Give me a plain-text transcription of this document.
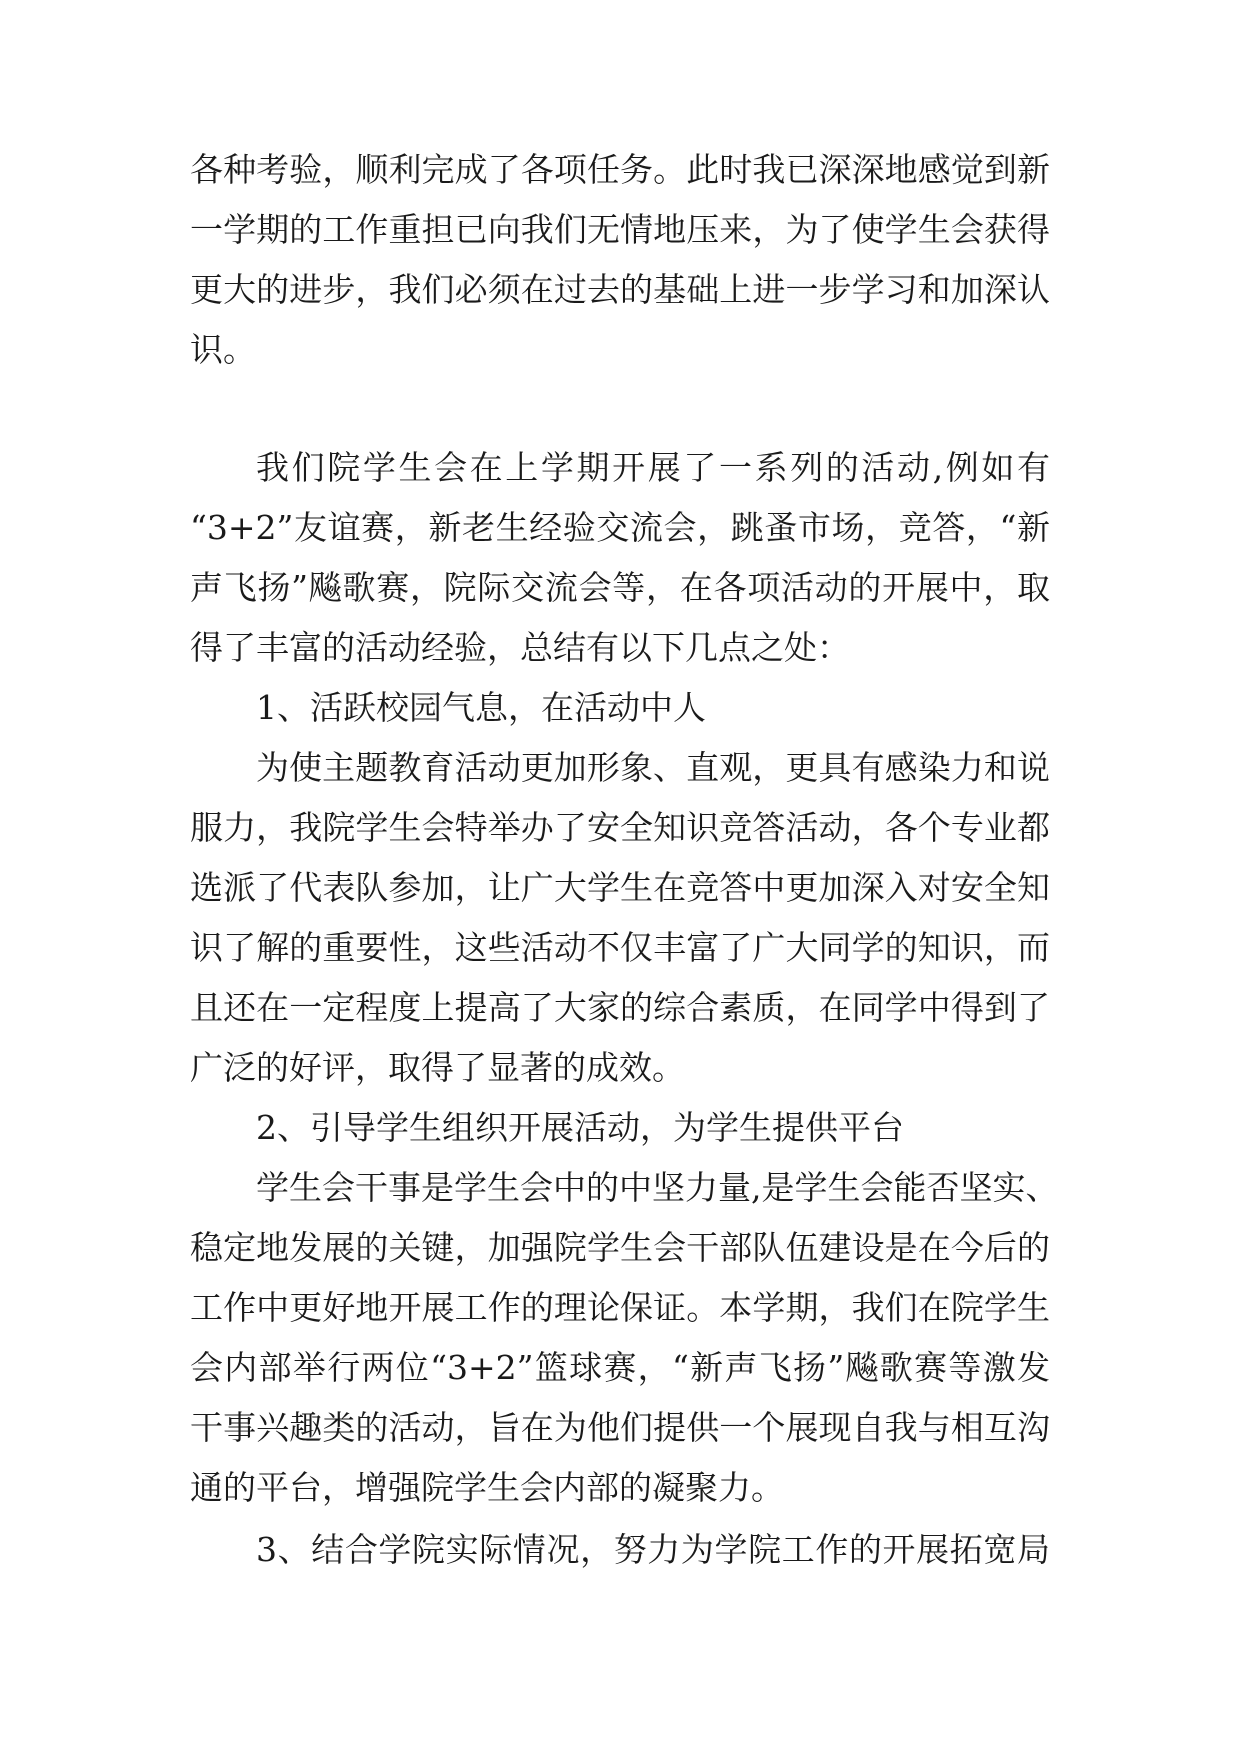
各种考验，顺利完成了各项任务。此时我已深深地感觉到新
一学期的工作重担已向我们无情地压来，为了使学生会获得
更大的进步，我们必须在过去的基础上进一步学习和加深认
识。
我们院学生会在上学期开展了一系列的活动,例如有
“3+2”友谊赛，新老生经验交流会，跳蚤市场，竞答，“新
声飞扬”飚歌赛，院际交流会等，在各项活动的开展中，取
得了丰富的活动经验，总结有以下几点之处：
1、活跃校园气息，在活动中人
为使主题教育活动更加形象、直观，更具有感染力和说
服力，我院学生会特举办了安全知识竞答活动，各个专业都
选派了代表队参加，让广大学生在竞答中更加深入对安全知
识了解的重要性，这些活动不仅丰富了广大同学的知识，而
且还在一定程度上提高了大家的综合素质，在同学中得到了
广泛的好评，取得了显著的成效。
2、引导学生组织开展活动，为学生提供平台
学生会干事是学生会中的中坚力量,是学生会能否坚实、
稳定地发展的关键，加强院学生会干部队伍建设是在今后的
工作中更好地开展工作的理论保证。本学期，我们在院学生
会内部举行两位“3+2”篮球赛，“新声飞扬”飚歌赛等激发
干事兴趣类的活动，旨在为他们提供一个展现自我与相互沟
通的平台，增强院学生会内部的凝聚力。
3、结合学院实际情况，努力为学院工作的开展拓宽局
